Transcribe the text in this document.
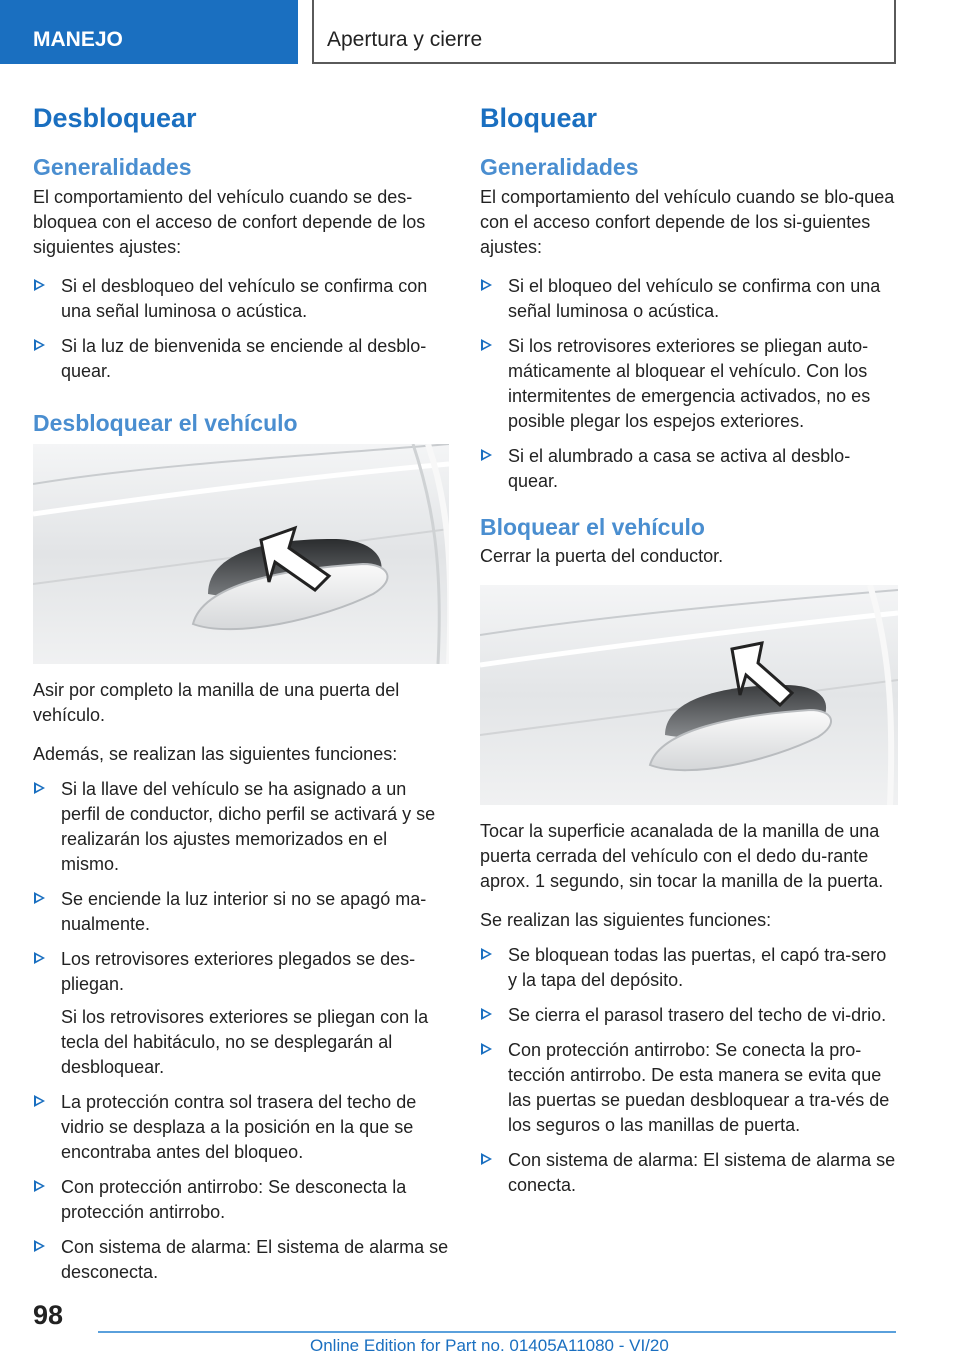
MANEJO	Apertura y cierre
Desbloquear
Generalidades

El comportamiento del vehículo cuando se des-bloquea con el acceso de confort depende de los siguientes ajustes:

Si el desbloqueo del vehículo se confirma con una señal luminosa o acústica.
Si la luz de bienvenida se enciende al desblo-quear.
Desbloquear el vehículo

Asir por completo la manilla de una puerta del vehículo.

Además, se realizan las siguientes funciones:

Si la llave del vehículo se ha asignado a un perfil de conductor, dicho perfil se activará y se realizarán los ajustes memorizados en el mismo.
Se enciende la luz interior si no se apagó ma-nualmente.
Los retrovisores exteriores plegados se des-pliegan.
Si los retrovisores exteriores se pliegan con la tecla del habitáculo, no se desplegarán al desbloquear.
La protección contra sol trasera del techo de vidrio se desplaza a la posición en la que se encontraba antes del bloqueo.
Con protección antirrobo: Se desconecta la protección antirrobo.
Con sistema de alarma: El sistema de alarma se desconecta.
Bloquear
Generalidades

El comportamiento del vehículo cuando se blo-quea con el acceso confort depende de los si-guientes ajustes:

Si el bloqueo del vehículo se confirma con una señal luminosa o acústica.
Si los retrovisores exteriores se pliegan auto-máticamente al bloquear el vehículo. Con los intermitentes de emergencia activados, no es posible plegar los espejos exteriores.
Si el alumbrado a casa se activa al desblo-quear.
Bloquear el vehículo

Cerrar la puerta del conductor.

Tocar la superficie acanalada de la manilla de una puerta cerrada del vehículo con el dedo du-rante aprox. 1 segundo, sin tocar la manilla de la puerta.

Se realizan las siguientes funciones:

Se bloquean todas las puertas, el capó tra-sero y la tapa del depósito.
Se cierra el parasol trasero del techo de vi-drio.
Con protección antirrobo: Se conecta la pro-tección antirrobo. De esta manera se evita que las puertas se puedan desbloquear a tra-vés de los seguros o las manillas de puerta.
Con sistema de alarma: El sistema de alarma se conecta.
98
Online Edition for Part no. 01405A11080 - VI/20
